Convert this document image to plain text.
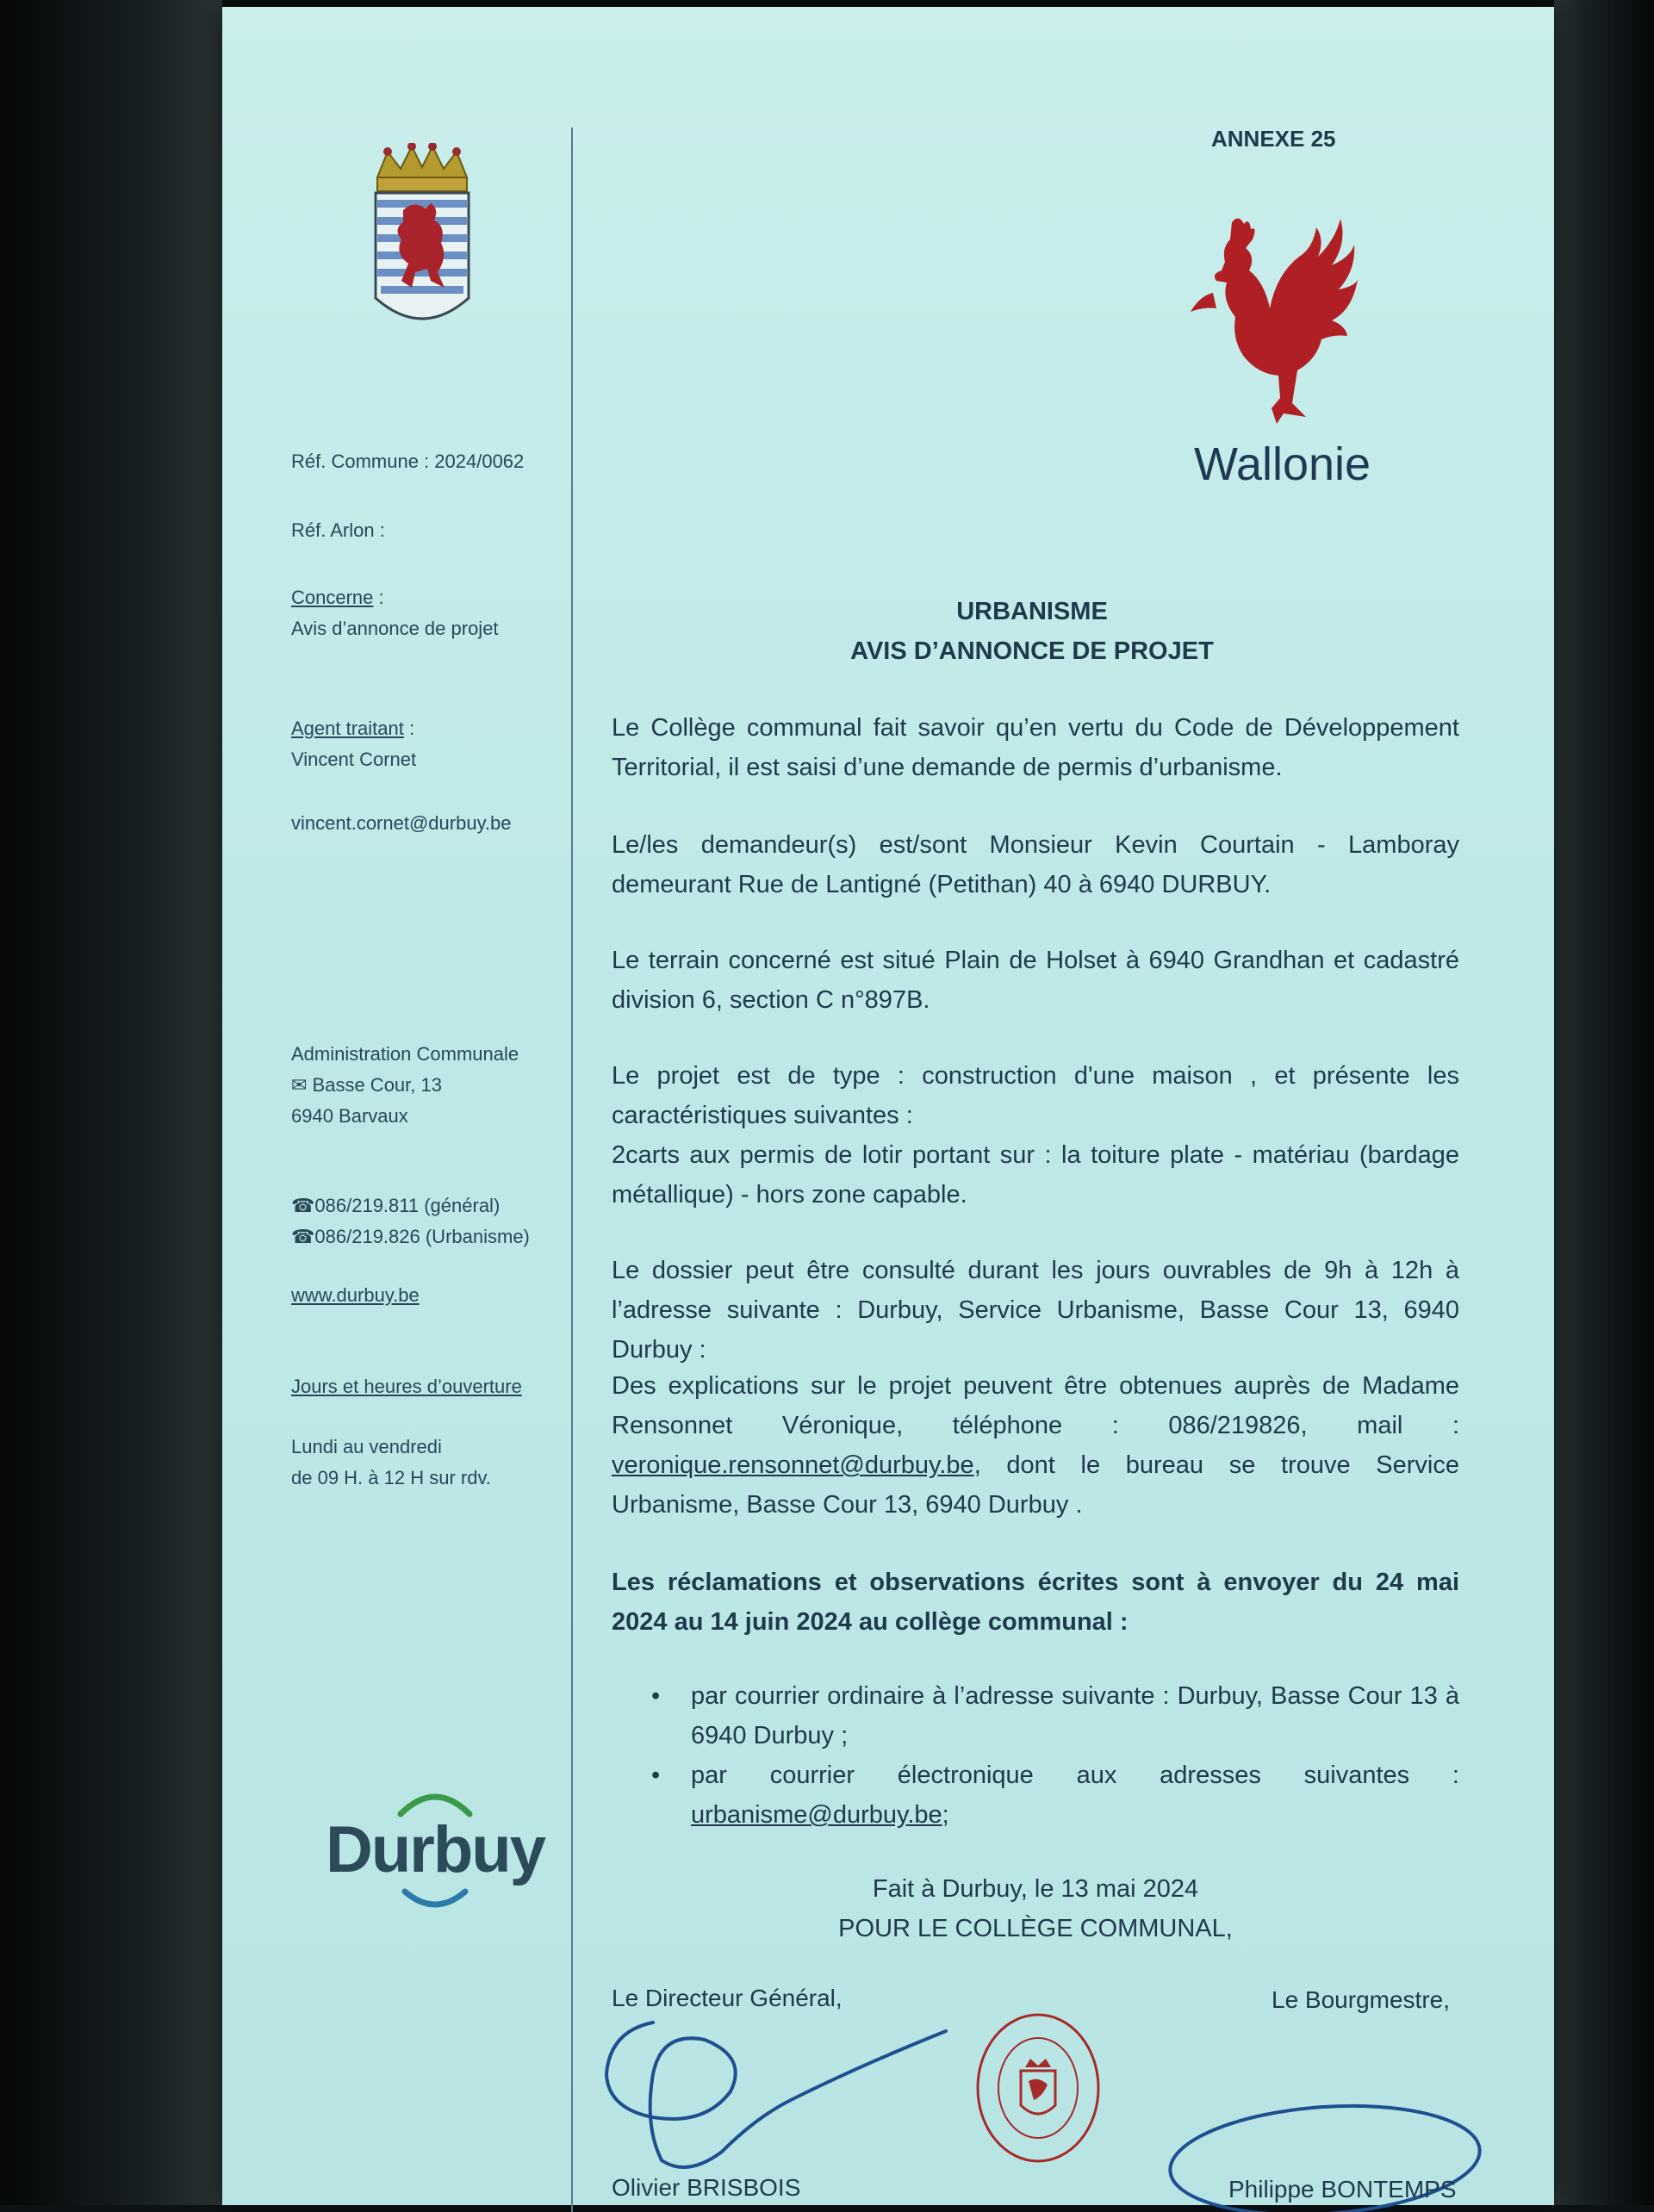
Réf. Commune : 2024/0062
Réf. Arlon :
Concerne :
Avis d’annonce de projet
Agent traitant :
Vincent Cornet
vincent.cornet@durbuy.be
Administration Communale
✉ Basse Cour, 13
6940 Barvaux
☎086/219.811 (général)
☎086/219.826 (Urbanisme)
www.durbuy.be
Jours et heures d’ouverture
Lundi au vendredi
de 09 H. à 12 H sur rdv.
Durbuy
ANNEXE 25
Wallonie
URBANISME
AVIS D’ANNONCE DE PROJET
Le Collège communal fait savoir qu’en vertu du Code de Développement Territorial, il est saisi d’une demande de permis d’urbanisme.
Le/les demandeur(s) est/sont Monsieur Kevin Courtain - Lamboray demeurant Rue de Lantigné (Petithan) 40 à 6940 DURBUY.
Le terrain concerné est situé Plain de Holset à 6940 Grandhan et cadastré division 6, section C n°897B.
Le projet est de type : construction d'une maison , et présente les caractéristiques suivantes :
2carts aux permis de lotir portant sur : la toiture plate - matériau (bardage métallique) - hors zone capable.
Le dossier peut être consulté durant les jours ouvrables de 9h à 12h à l’adresse suivante : Durbuy, Service Urbanisme, Basse Cour 13, 6940 Durbuy :
Des explications sur le projet peuvent être obtenues auprès de Madame Rensonnet Véronique, téléphone : 086/219826, mail : veronique.rensonnet@durbuy.be, dont le bureau se trouve Service Urbanisme, Basse Cour 13, 6940 Durbuy .
Les réclamations et observations écrites sont à envoyer du 24 mai 2024 au 14 juin 2024 au collège communal :
• par courrier ordinaire à l’adresse suivante : Durbuy, Basse Cour 13 à 6940 Durbuy ;
• par courrier électronique aux adresses suivantes : urbanisme@durbuy.be;
Fait à Durbuy, le 13 mai 2024
POUR LE COLLÈGE COMMUNAL,
Le Directeur Général,	Le Bourgmestre,
Olivier BRISBOIS	Philippe BONTEMPS
